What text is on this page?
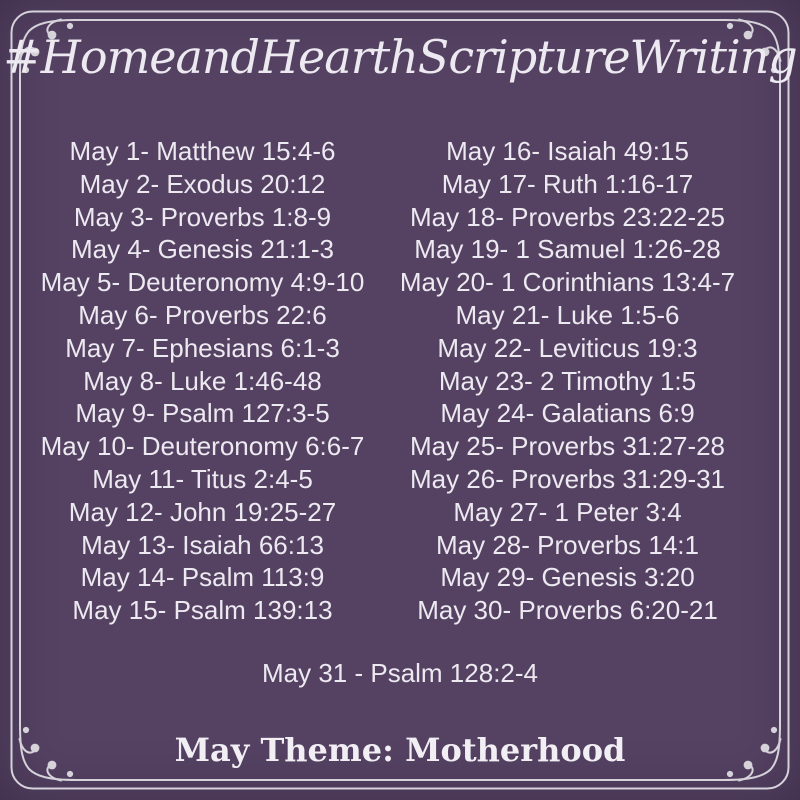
#HomeandHearthScriptureWriting
May 1- Matthew 15:4-6
May 2- Exodus 20:12
May 3- Proverbs 1:8-9
May 4- Genesis 21:1-3
May 5- Deuteronomy 4:9-10
May 6- Proverbs 22:6
May 7- Ephesians 6:1-3
May 8- Luke 1:46-48
May 9- Psalm 127:3-5
May 10- Deuteronomy 6:6-7
May 11- Titus 2:4-5
May 12- John 19:25-27
May 13- Isaiah 66:13
May 14- Psalm 113:9
May 15- Psalm 139:13
May 16- Isaiah 49:15
May 17- Ruth 1:16-17
May 18- Proverbs 23:22-25
May 19- 1 Samuel 1:26-28
May 20- 1 Corinthians 13:4-7
May 21- Luke 1:5-6
May 22- Leviticus 19:3
May 23- 2 Timothy 1:5
May 24- Galatians 6:9
May 25- Proverbs 31:27-28
May 26- Proverbs 31:29-31
May 27- 1 Peter 3:4
May 28- Proverbs 14:1
May 29- Genesis 3:20
May 30- Proverbs 6:20-21
May 31 - Psalm 128:2-4
May Theme: Motherhood
